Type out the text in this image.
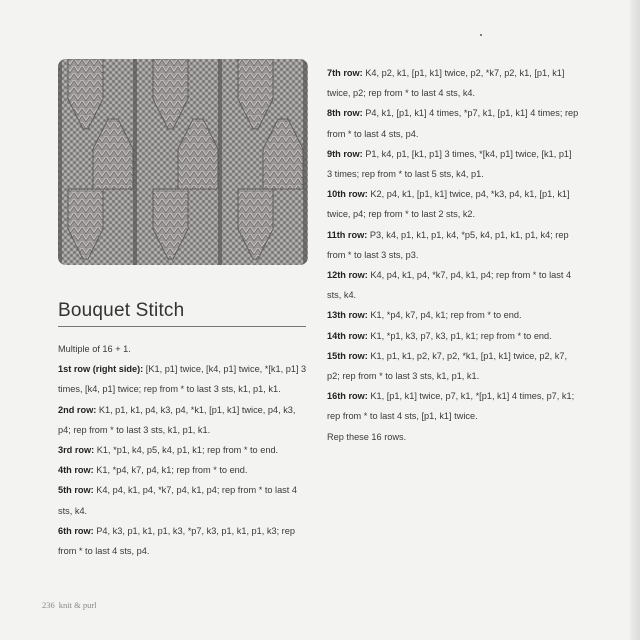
Bouquet Stitch

Multiple of 16 + 1.

1st row (right side): [K1, p1] twice, [k4, p1] twice, *[k1, p1] 3 times, [k4, p1] twice; rep from * to last 3 sts, k1, p1, k1.

2nd row: K1, p1, k1, p4, k3, p4, *k1, [p1, k1] twice, p4, k3, p4; rep from * to last 3 sts, k1, p1, k1.

3rd row: K1, *p1, k4, p5, k4, p1, k1; rep from * to end.

4th row: K1, *p4, k7, p4, k1; rep from * to end.

5th row: K4, p4, k1, p4, *k7, p4, k1, p4; rep from * to last 4 sts, k4.

6th row: P4, k3, p1, k1, p1, k3, *p7, k3, p1, k1, p1, k3; rep from * to last 4 sts, p4.

7th row: K4, p2, k1, [p1, k1] twice, p2, *k7, p2, k1, [p1, k1] twice, p2; rep from * to last 4 sts, k4.

8th row: P4, k1, [p1, k1] 4 times, *p7, k1, [p1, k1] 4 times; rep from * to last 4 sts, p4.

9th row: P1, k4, p1, [k1, p1] 3 times, *[k4, p1] twice, [k1, p1] 3 times; rep from * to last 5 sts, k4, p1.

10th row: K2, p4, k1, [p1, k1] twice, p4, *k3, p4, k1, [p1, k1] twice, p4; rep from * to last 2 sts, k2.

11th row: P3, k4, p1, k1, p1, k4, *p5, k4, p1, k1, p1, k4; rep from * to last 3 sts, p3.

12th row: K4, p4, k1, p4, *k7, p4, k1, p4; rep from * to last 4 sts, k4.

13th row: K1, *p4, k7, p4, k1; rep from * to end.

14th row: K1, *p1, k3, p7, k3, p1, k1; rep from * to end.

15th row: K1, p1, k1, p2, k7, p2, *k1, [p1, k1] twice, p2, k7, p2; rep from * to last 3 sts, k1, p1, k1.

16th row: K1, [p1, k1] twice, p7, k1, *[p1, k1] 4 times, p7, k1; rep from * to last 4 sts, [p1, k1] twice.

Rep these 16 rows.

236 knit & purl
